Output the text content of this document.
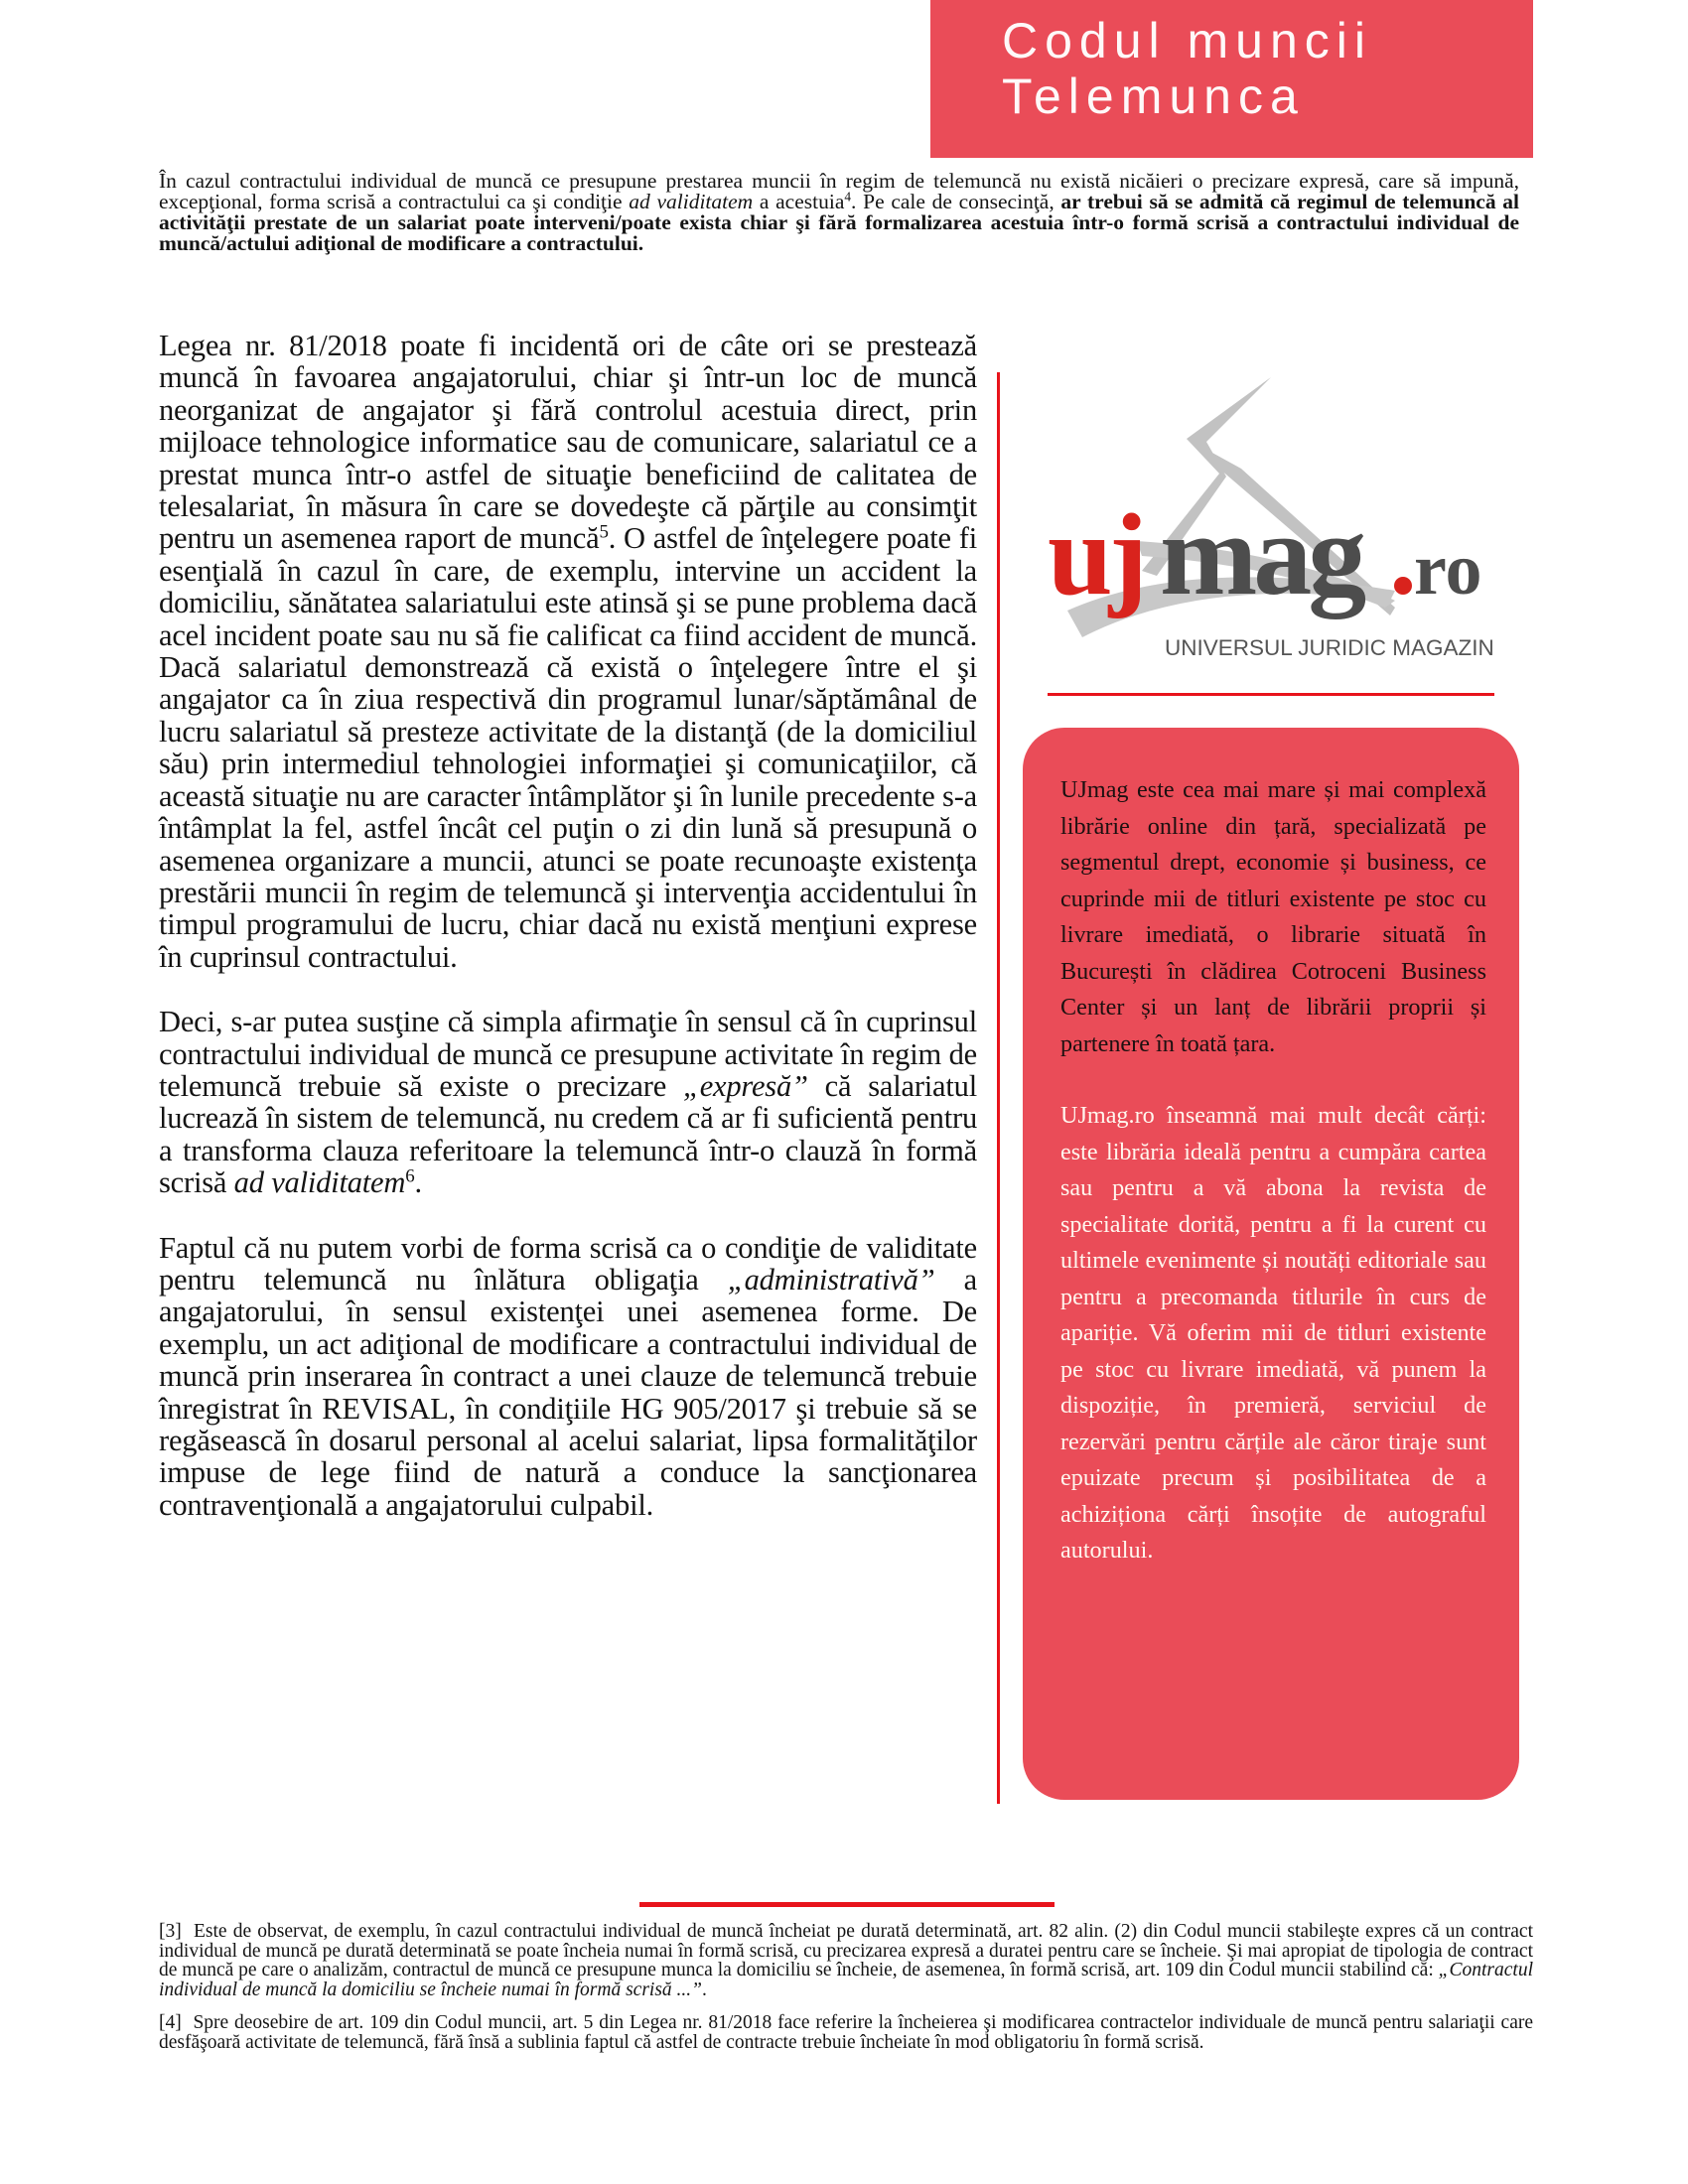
Codul muncii
Telemunca

În cazul contractului individual de muncă ce presupune prestarea muncii în regim de telemuncă nu există nicăieri o precizare expresă, care să impună, excepţional, forma scrisă a contractului ca şi condiţie ad validitatem a acestuia$^4$. Pe cale de consecinţă, ar trebui să se admită că regimul de telemuncă al activităţii prestate de un salariat poate interveni/poate exista chiar şi fără formalizarea acestuia într-o formă scrisă a contractului individual de muncă/actului adiţional de modificare a contractului.

Legea nr. 81/2018 poate fi incidentă ori de câte ori se prestează muncă în favoarea angajatorului, chiar şi într-un loc de muncă neorganizat de angajator şi fără controlul acestuia direct, prin mijloace tehnologice informatice sau de comunicare, salariatul ce a prestat munca într-o astfel de situaţie beneficiind de calitatea de telesalariat, în măsura în care se dovedeşte că părţile au consimţit pentru un asemenea raport de muncă$^5$. O astfel de înţelegere poate fi esenţială în cazul în care, de exemplu, intervine un accident la domiciliu, sănătatea salariatului este atinsă şi se pune problema dacă acel incident poate sau nu să fie calificat ca fiind accident de muncă. Dacă salariatul demonstrează că există o înţelegere între el şi angajator ca în ziua respectivă din programul lunar/săptămânal de lucru salariatul să presteze activitate de la distanţă (de la domiciliul său) prin intermediul tehnologiei informaţiei şi comunicaţiilor, că această situaţie nu are caracter întâmplător şi în lunile precedente s-a întâmplat la fel, astfel încât cel puţin o zi din lună să presupună o asemenea organizare a muncii, atunci se poate recunoaşte existenţa prestării muncii în regim de telemuncă şi intervenţia accidentului în timpul programului de lucru, chiar dacă nu există menţiuni exprese în cuprinsul contractului.

Deci, s-ar putea susţine că simpla afirmaţie în sensul că în cuprinsul contractului individual de muncă ce presupune activitate în regim de telemuncă trebuie să existe o precizare „expresă” că salariatul lucrează în sistem de telemuncă, nu credem că ar fi suficientă pentru a transforma clauza referitoare la telemuncă într-o clauză în formă scrisă ad validitatem$^6$.

Faptul că nu putem vorbi de forma scrisă ca o condiţie de validitate pentru telemuncă nu înlătura obligaţia „administrativă” a angajatorului, în sensul existenţei unei asemenea forme. De exemplu, un act adiţional de modificare a contractului individual de muncă prin inserarea în contract a unei clauze de telemuncă trebuie înregistrat în REVISAL, în condiţiile HG 905/2017 şi trebuie să se regăsească în dosarul personal al acelui salariat, lipsa formalităţilor impuse de lege fiind de natură a conduce la sancţionarea contravenţională a angajatorului culpabil.

uj mag ro
UNIVERSUL JURIDIC MAGAZIN

UJmag este cea mai mare și mai complexă librărie online din țară, specializată pe segmentul drept, economie și business, ce cuprinde mii de titluri existente pe stoc cu livrare imediată, o librarie situată în București în clădirea Cotroceni Business Center și un lanț de librării proprii și partenere în toată țara.

UJmag.ro înseamnă mai mult decât cărți: este librăria ideală pentru a cumpăra cartea sau pentru a vă abona la revista de specialitate dorită, pentru a fi la curent cu ultimele evenimente și noutăți editoriale sau pentru a precomanda titlurile în curs de apariție. Vă oferim mii de titluri existente pe stoc cu livrare imediată, vă punem la dispoziție, în premieră, serviciul de rezervări pentru cărțile ale căror tiraje sunt epuizate precum și posibilitatea de a achiziționa cărți însoțite de autograful autorului.

[3] Este de observat, de exemplu, în cazul contractului individual de muncă încheiat pe durată determinată, art. 82 alin. (2) din Codul muncii stabileşte expres că un contract individual de muncă pe durată determinată se poate încheia numai în formă scrisă, cu precizarea expresă a duratei pentru care se încheie. Şi mai apropiat de tipologia de contract de muncă pe care o analizăm, contractul de muncă ce presupune munca la domiciliu se încheie, de asemenea, în formă scrisă, art. 109 din Codul muncii stabilind că: „Contractul individual de muncă la domiciliu se încheie numai în formă scrisă ...”.

[4] Spre deosebire de art. 109 din Codul muncii, art. 5 din Legea nr. 81/2018 face referire la încheierea şi modificarea contractelor individuale de muncă pentru salariaţii care desfăşoară activitate de telemuncă, fără însă a sublinia faptul că astfel de contracte trebuie încheiate în mod obligatoriu în formă scrisă.
